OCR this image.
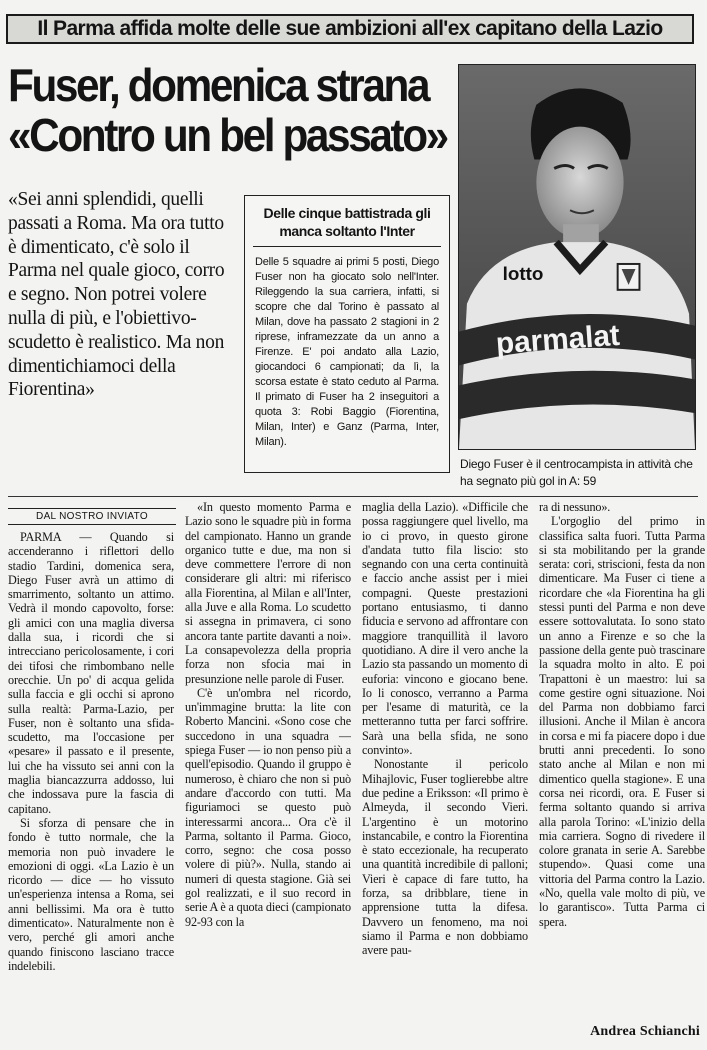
Il Parma affida molte delle sue ambizioni all'ex capitano della Lazio
Fuser, domenica strana
«Contro un bel passato»
lotto
parmalat
Diego Fuser è il centrocampista in attività che ha segnato più gol in A: 59
«Sei anni splendidi, quelli passati a Roma. Ma ora tutto è dimenticato, c'è solo il Parma nel quale gioco, corro e segno. Non potrei volere nulla di più, e l'obiettivo-scudetto è realistico. Ma non dimentichiamoci della Fiorentina»
Delle cinque battistrada gli manca soltanto l'Inter
Delle 5 squadre ai primi 5 posti, Diego Fuser non ha giocato solo nell'Inter. Rileggendo la sua carriera, infatti, si scopre che dal Torino è passato al Milan, dove ha passato 2 stagioni in 2 riprese, inframezzate da un anno a Firenze. E' poi andato alla Lazio, giocandoci 6 campionati; da lì, la scorsa estate è stato ceduto al Parma. Il primato di Fuser ha 2 inseguitori a quota 3: Robi Baggio (Fiorentina, Milan, Inter) e Ganz (Parma, Inter, Milan).
DAL NOSTRO INVIATO

PARMA — Quando si accenderanno i riflettori dello stadio Tardini, domenica sera, Diego Fuser avrà un attimo di smarrimento, soltanto un attimo. Vedrà il mondo capovolto, forse: gli amici con una maglia diversa dalla sua, i ricordi che si intrecciano pericolosamente, i cori dei tifosi che rimbombano nelle orecchie. Un po' di acqua gelida sulla faccia e gli occhi si aprono sulla realtà: Parma-Lazio, per Fuser, non è soltanto una sfida-scudetto, ma l'occasione per «pesare» il passato e il presente, lui che ha vissuto sei anni con la maglia biancazzurra addosso, lui che indossava pure la fascia di capitano.

Si sforza di pensare che in fondo è tutto normale, che la memoria non può invadere le emozioni di oggi. «La Lazio è un ricordo — dice — ho vissuto un'esperienza intensa a Roma, sei anni bellissimi. Ma ora è tutto dimenticato». Naturalmente non è vero, perché gli amori anche quando finiscono lasciano tracce indelebili.

«In questo momento Parma e Lazio sono le squadre più in forma del campionato. Hanno un grande organico tutte e due, ma non si deve commettere l'errore di non considerare gli altri: mi riferisco alla Fiorentina, al Milan e all'Inter, alla Juve e alla Roma. Lo scudetto si assegna in primavera, ci sono ancora tante partite davanti a noi». La consapevolezza della propria forza non sfocia mai in presunzione nelle parole di Fuser.

C'è un'ombra nel ricordo, un'immagine brutta: la lite con Roberto Mancini. «Sono cose che succedono in una squadra — spiega Fuser — io non penso più a quell'episodio. Quando il gruppo è numeroso, è chiaro che non si può andare d'accordo con tutti. Ma figuriamoci se questo può interessarmi ancora... Ora c'è il Parma, soltanto il Parma. Gioco, corro, segno: che cosa posso volere di più?». Nulla, stando ai numeri di questa stagione. Già sei gol realizzati, e il suo record in serie A è a quota dieci (campionato 92-93 con la

maglia della Lazio). «Difficile che possa raggiungere quel livello, ma io ci provo, in questo girone d'andata tutto fila liscio: sto segnando con una certa continuità e faccio anche assist per i miei compagni. Queste prestazioni portano entusiasmo, ti danno fiducia e servono ad affrontare con maggiore tranquillità il lavoro quotidiano. A dire il vero anche la Lazio sta passando un momento di euforia: vincono e giocano bene. Io li conosco, verranno a Parma per l'esame di maturità, ce la metteranno tutta per farci soffrire. Sarà una bella sfida, ne sono convinto».

Nonostante il pericolo Mihajlovic, Fuser toglierebbe altre due pedine a Eriksson: «Il primo è Almeyda, il secondo Vieri. L'argentino è un motorino instancabile, e contro la Fiorentina è stato eccezionale, ha recuperato una quantità incredibile di palloni; Vieri è capace di fare tutto, ha forza, sa dribblare, tiene in apprensione tutta la difesa. Davvero un fenomeno, ma noi siamo il Parma e non dobbiamo avere pau-

ra di nessuno».

L'orgoglio del primo in classifica salta fuori. Tutta Parma si sta mobilitando per la grande serata: cori, striscioni, festa da non dimenticare. Ma Fuser ci tiene a ricordare che «la Fiorentina ha gli stessi punti del Parma e non deve essere sottovalutata. Io sono stato un anno a Firenze e so che la passione della gente può trascinare la squadra molto in alto. E poi Trapattoni è un maestro: lui sa come gestire ogni situazione. Noi del Parma non dobbiamo farci illusioni. Anche il Milan è ancora in corsa e mi fa piacere dopo i due brutti anni precedenti. Io sono stato anche al Milan e non mi dimentico quella stagione». E una corsa nei ricordi, ora. E Fuser si ferma soltanto quando si arriva alla parola Torino: «L'inizio della mia carriera. Sogno di rivedere il colore granata in serie A. Sarebbe stupendo». Quasi come una vittoria del Parma contro la Lazio. «No, quella vale molto di più, ve lo garantisco». Tutta Parma ci spera.

Andrea Schianchi
